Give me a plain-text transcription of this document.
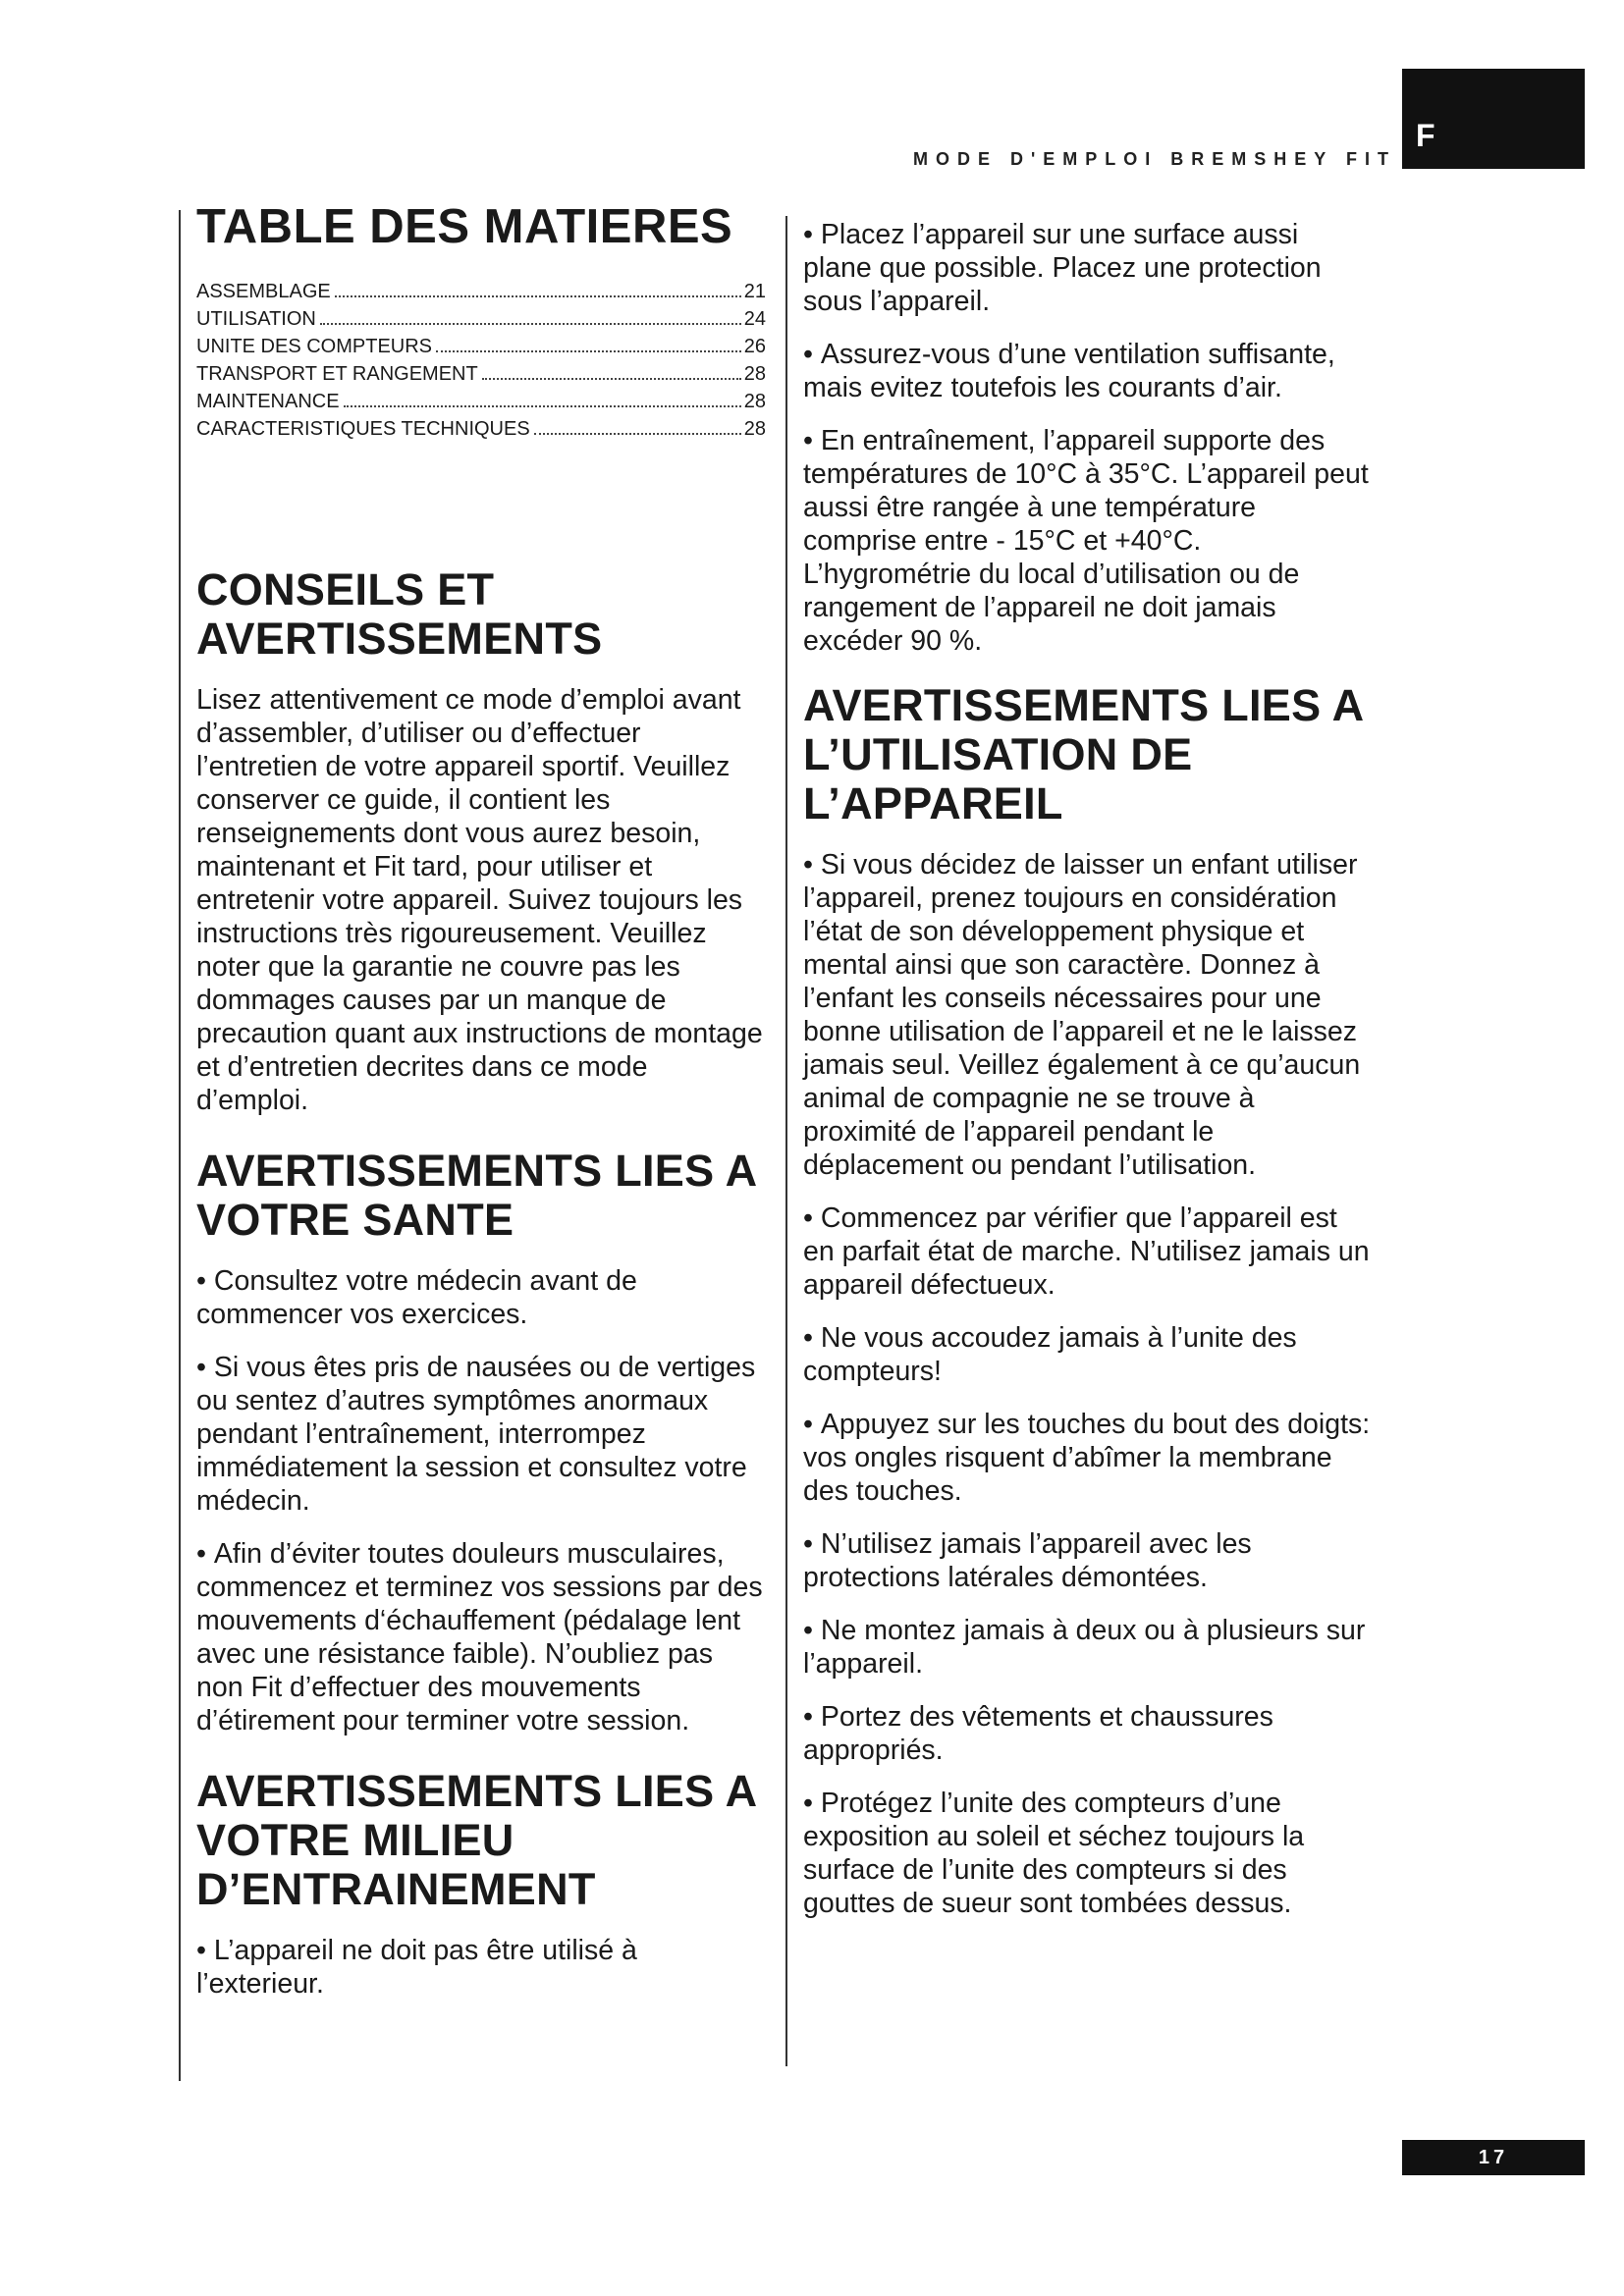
F
MODE D'EMPLOI BREMSHEY FIT
TABLE DES MATIERES
ASSEMBLAGE	21
UTILISATION	24
UNITE DES COMPTEURS	26
TRANSPORT ET RANGEMENT	28
MAINTENANCE	28
CARACTERISTIQUES TECHNIQUES	28
CONSEILS ET AVERTISSEMENTS

Lisez attentivement ce mode d’emploi avant d’assembler, d’utiliser ou d’effectuer l’entretien de votre appareil sportif. Veuillez conserver ce guide, il contient les renseignements dont vous aurez besoin, maintenant et Fit tard, pour utiliser et entretenir votre appareil. Suivez toujours les instructions très rigoureusement. Veuillez noter que la garantie ne couvre pas les dommages causes par un manque de precaution quant aux instructions de montage et d’entretien decrites dans ce mode d’emploi.

AVERTISSEMENTS LIES A VOTRE SANTE

• Consultez votre médecin avant de commencer vos exercices.

• Si vous êtes pris de nausées ou de vertiges ou sentez d’autres symptômes anormaux pendant l’entraînement, interrompez immédiatement la session et consultez votre médecin.

• Afin d’éviter toutes douleurs musculaires, commencez et terminez vos sessions par des mouvements d‘échauffement (pédalage lent avec une résistance faible). N’oubliez pas non Fit d’effectuer des mouvements d’étirement pour terminer votre session.

AVERTISSEMENTS LIES A VOTRE MILIEU D’ENTRAINEMENT

• L’appareil ne doit pas être utilisé à l’exterieur.

• Placez l’appareil sur une surface aussi plane que possible. Placez une protection sous l’appareil.

• Assurez-vous d’une ventilation suffisante, mais evitez toutefois les courants d’air.

• En entraînement, l’appareil supporte des températures de 10°C à 35°C. L’appareil peut aussi être rangée à une température comprise entre - 15°C et +40°C. L’hygrométrie du local d’utilisation ou de rangement de l’appareil ne doit jamais excéder 90 %.

AVERTISSEMENTS LIES A L’UTILISATION DE L’APPAREIL

• Si vous décidez de laisser un enfant utiliser l’appareil, prenez toujours en considération l’état de son développement physique et mental ainsi que son caractère. Donnez à l’enfant les conseils nécessaires pour une bonne utilisation de l’appareil et ne le laissez jamais seul. Veillez également à ce qu’aucun animal de compagnie ne se trouve à proximité de l’appareil pendant le déplacement ou pendant l’utilisation.

• Commencez par vérifier que l’appareil est en parfait état de marche. N’utilisez jamais un appareil défectueux.

• Ne vous accoudez jamais à l’unite des compteurs!

• Appuyez sur les touches du bout des doigts: vos ongles risquent d’abîmer la membrane des touches.

• N’utilisez jamais l’appareil avec les protections latérales démontées.

• Ne montez jamais à deux ou à plusieurs sur l’appareil.

• Portez des vêtements et chaussures appropriés.

• Protégez l’unite des compteurs d’une exposition au soleil et séchez toujours la surface de l’unite des compteurs si des gouttes de sueur sont tombées dessus.

17
